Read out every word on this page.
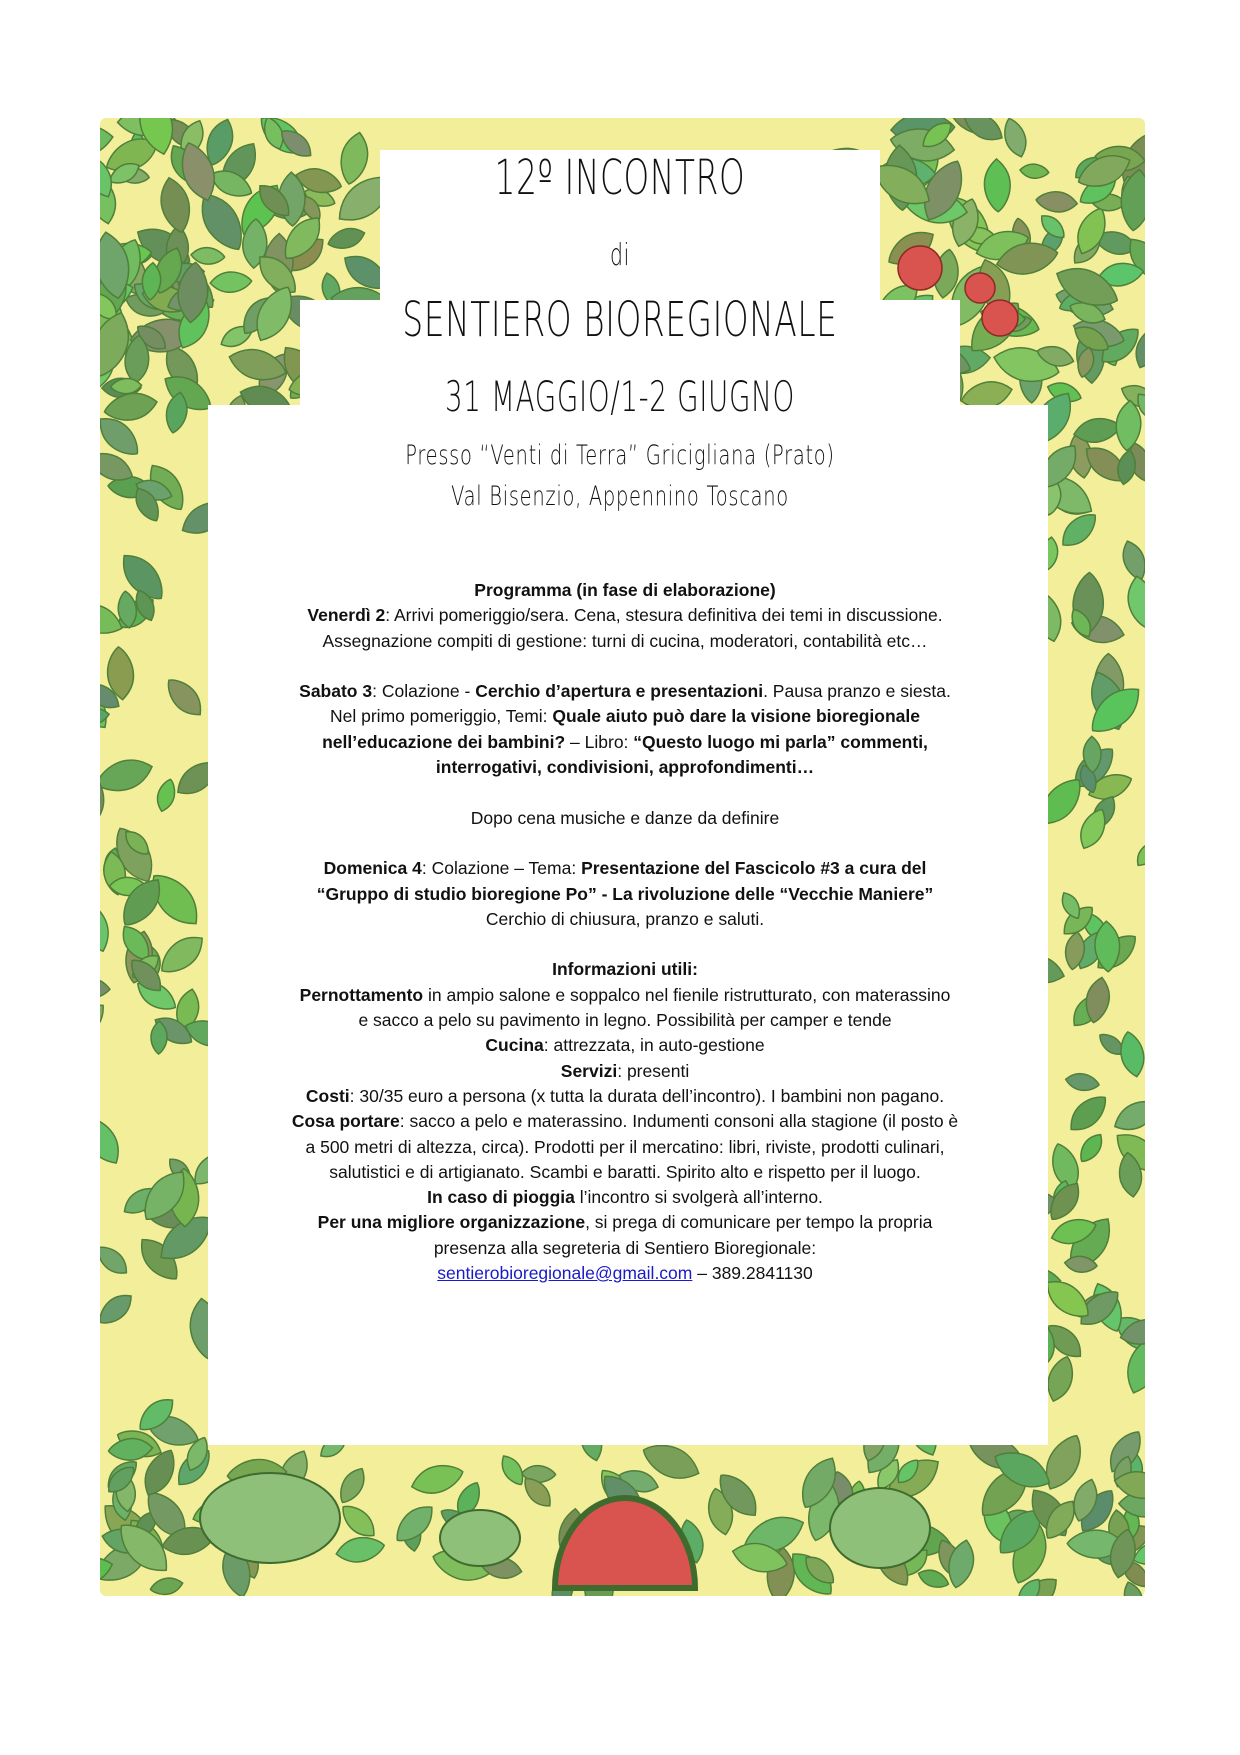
12º INCONTRO
di
SENTIERO BIOREGIONALE
31 MAGGIO/1-2 GIUGNO
Presso “Venti di Terra” Gricigliana (Prato)
Val Bisenzio, Appennino Toscano

Programma (in fase di elaborazione)

Venerdì 2: Arrivi pomeriggio/sera. Cena, stesura definitiva dei temi in discussione.

Assegnazione compiti di gestione: turni di cucina, moderatori, contabilità etc…

Sabato 3: Colazione - Cerchio d’apertura e presentazioni. Pausa pranzo e siesta.

Nel primo pomeriggio, Temi: Quale aiuto può dare la visione bioregionale

nell’educazione dei bambini? – Libro: “Questo luogo mi parla” commenti,

interrogativi, condivisioni, approfondimenti…

Dopo cena musiche e danze da definire

Domenica 4: Colazione – Tema: Presentazione del Fascicolo #3 a cura del

“Gruppo di studio bioregione Po” - La rivoluzione delle “Vecchie Maniere”

Cerchio di chiusura, pranzo e saluti.

Informazioni utili:

Pernottamento in ampio salone e soppalco nel fienile ristrutturato, con materassino

e sacco a pelo su pavimento in legno. Possibilità per camper e tende

Cucina: attrezzata, in auto-gestione

Servizi: presenti

Costi: 30/35 euro a persona (x tutta la durata dell’incontro). I bambini non pagano.

Cosa portare: sacco a pelo e materassino. Indumenti consoni alla stagione (il posto è

a 500 metri di altezza, circa). Prodotti per il mercatino: libri, riviste, prodotti culinari,

salutistici e di artigianato. Scambi e baratti. Spirito alto e rispetto per il luogo.

In caso di pioggia l’incontro si svolgerà all’interno.

Per una migliore organizzazione, si prega di comunicare per tempo la propria

presenza alla segreteria di Sentiero Bioregionale:

sentierobioregionale@gmail.com – 389.2841130
